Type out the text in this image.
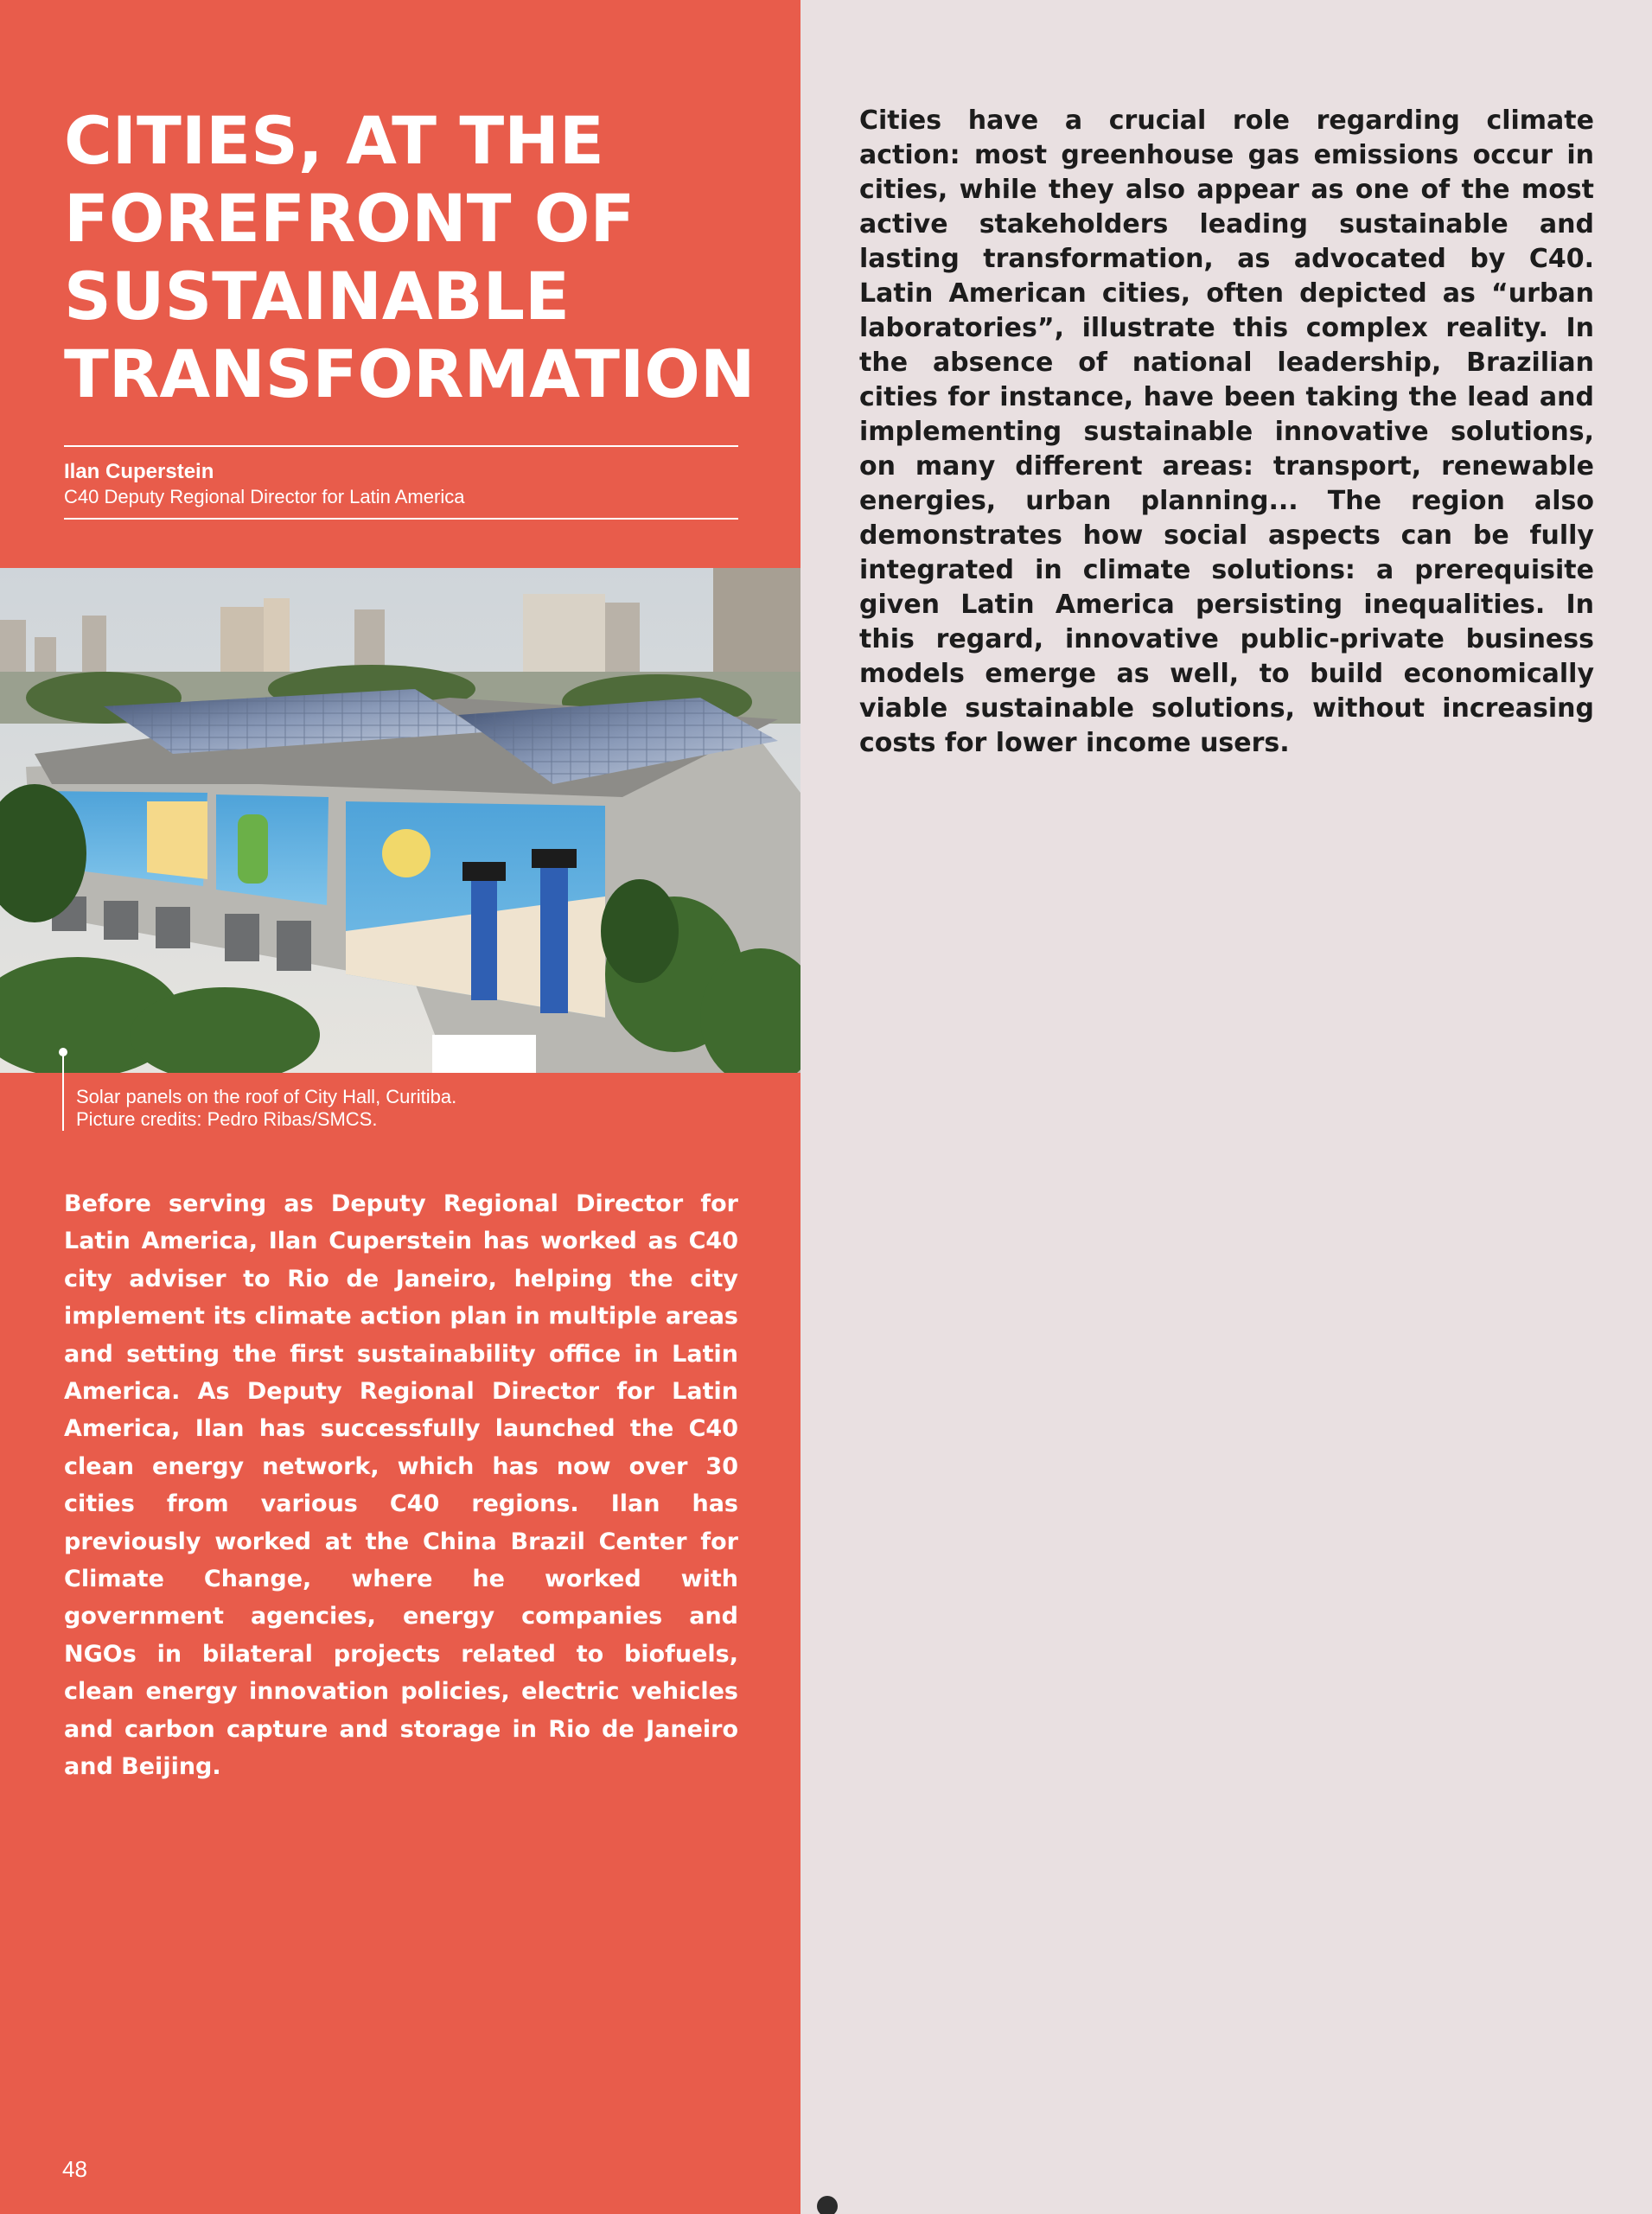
CITIES, AT THE FOREFRONT OF SUSTAINABLE TRANSFORMATION
Ilan Cuperstein
C40 Deputy Regional Director for Latin America
Solar panels on the roof of City Hall, Curitiba.
Picture credits: Pedro Ribas/SMCS.

Before serving as Deputy Regional Director for Latin America, Ilan Cuperstein has worked as C40 city adviser to Rio de Janeiro, helping the city implement its climate action plan in multiple areas and setting the first sustainability office in Latin America. As Deputy Regional Director for Latin America, Ilan has successfully launched the C40 clean energy network, which has now over 30 cities from various C40 regions. Ilan has previously worked at the China Brazil Center for Climate Change, where he worked with government agencies, energy companies and NGOs in bilateral projects related to biofuels, clean energy innovation policies, electric vehicles and carbon capture and storage in Rio de Janeiro and Beijing.

48

Cities have a crucial role regarding climate action: most greenhouse gas emissions occur in cities, while they also appear as one of the most active stakeholders leading sustainable and lasting transformation, as advocated by C40. Latin American cities, often depicted as “urban laboratories”, illustrate this complex reality. In the absence of national leadership, Brazilian cities for instance, have been taking the lead and implementing sustainable innovative solutions, on many different areas: transport, renewable energies, urban planning... The region also demonstrates how social aspects can be fully integrated in climate solutions: a prerequisite given Latin America persisting inequalities. In this regard, innovative public-private business models emerge as well, to build economically viable sustainable solutions, without increasing costs for lower income users.
